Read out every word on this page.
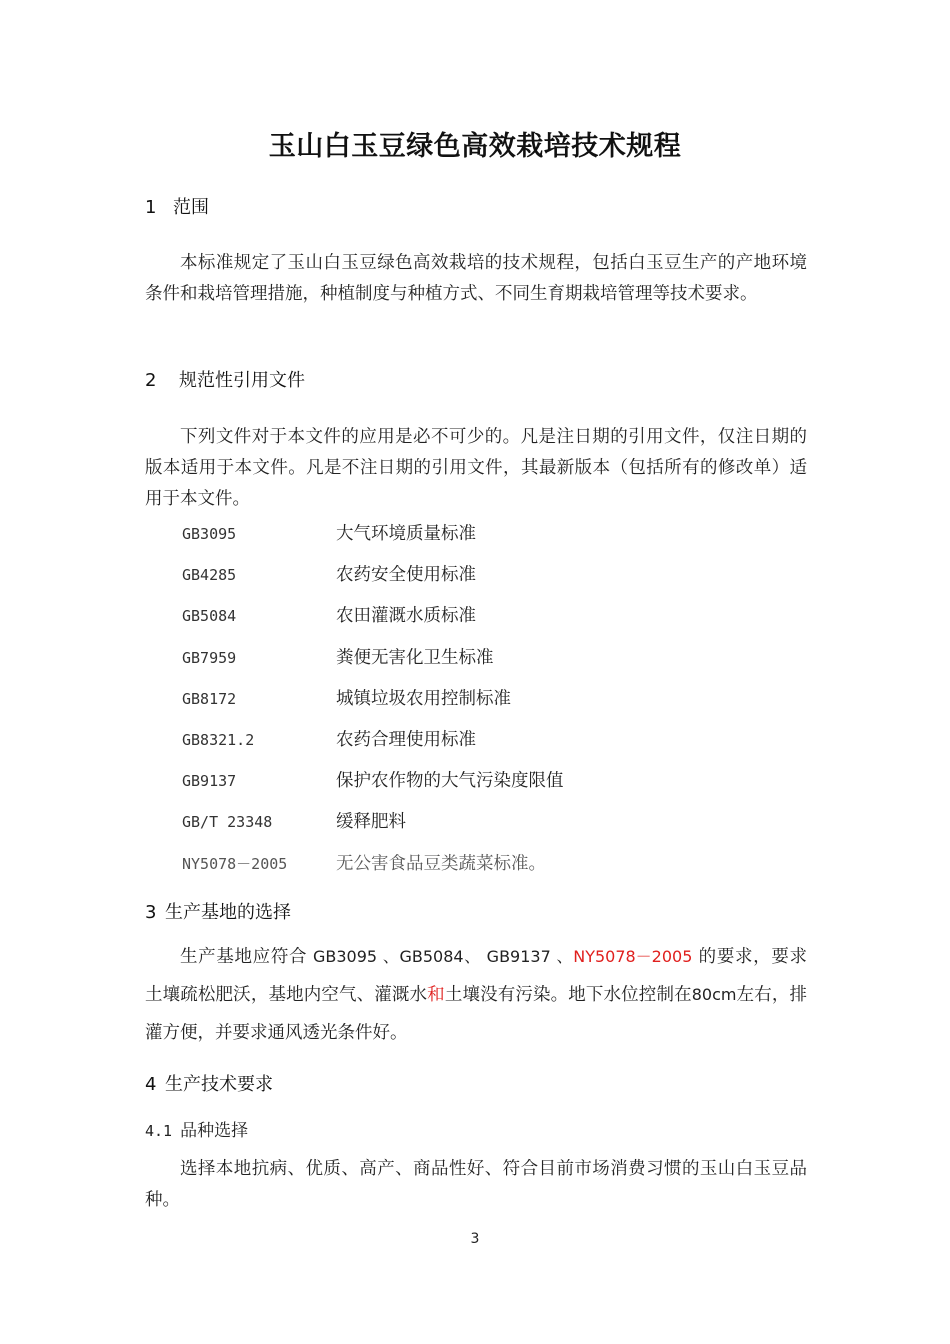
玉山白玉豆绿色高效栽培技术规程
1 范围
本标准规定了玉山白玉豆绿色高效栽培的技术规程，包括白玉豆生产的产地环境条件和栽培管理措施，种植制度与种植方式、不同生育期栽培管理等技术要求。
2 规范性引用文件
下列文件对于本文件的应用是必不可少的。凡是注日期的引用文件，仅注日期的版本适用于本文件。凡是不注日期的引用文件，其最新版本（包括所有的修改单）适用于本文件。
GB3095	大气环境质量标准
GB4285	农药安全使用标准
GB5084	农田灌溉水质标准
GB7959	粪便无害化卫生标准
GB8172	城镇垃圾农用控制标准
GB8321.2	农药合理使用标准
GB9137	保护农作物的大气污染度限值
GB/T 23348	缓释肥料
NY5078－2005	无公害食品豆类蔬菜标准。
3 生产基地的选择
生产基地应符合 GB3095 、GB5084、 GB9137 、NY5078－2005 的要求，要求土壤疏松肥沃，基地内空气、灌溉水和土壤没有污染。地下水位控制在80cm左右，排灌方便，并要求通风透光条件好。
4 生产技术要求
4.1 品种选择
选择本地抗病、优质、高产、商品性好、符合目前市场消费习惯的玉山白玉豆品种。
3
